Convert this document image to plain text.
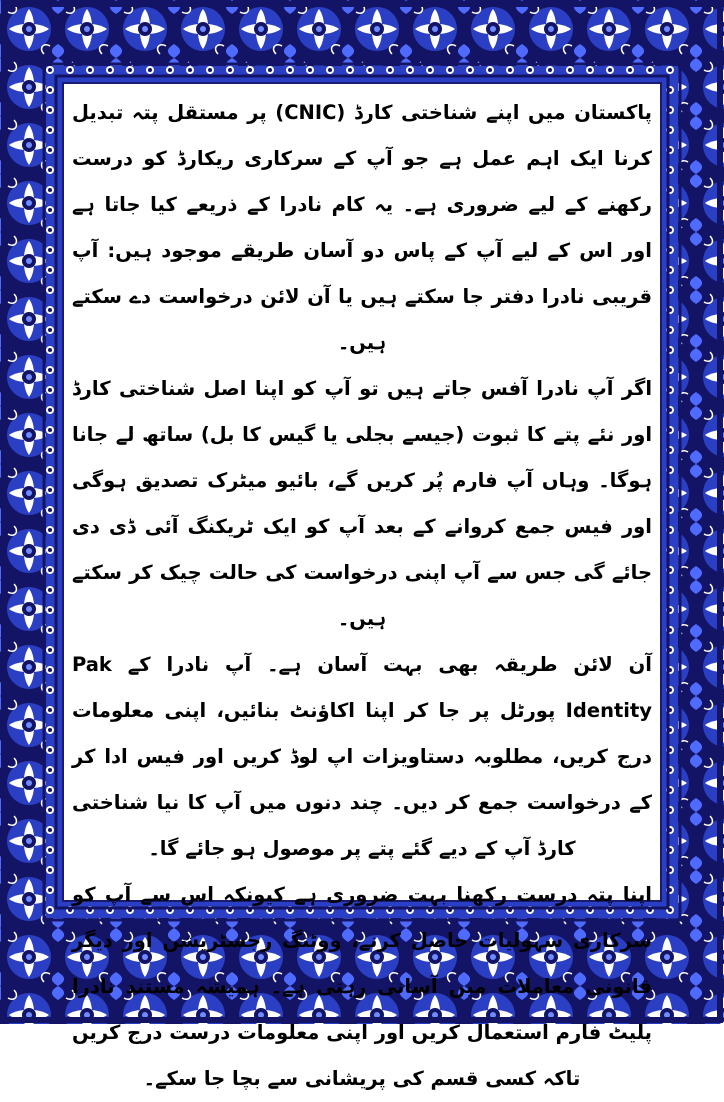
پاکستان میں اپنے شناختی کارڈ (CNIC) پر مستقل پتہ تبدیل کرنا ایک اہم عمل ہے جو آپ کے سرکاری ریکارڈ کو درست رکھنے کے لیے ضروری ہے۔ یہ کام نادرا کے ذریعے کیا جاتا ہے اور اس کے لیے آپ کے پاس دو آسان طریقے موجود ہیں: آپ قریبی نادرا دفتر جا سکتے ہیں یا آن لائن درخواست دے سکتے ہیں۔

اگر آپ نادرا آفس جاتے ہیں تو آپ کو اپنا اصل شناختی کارڈ اور نئے پتے کا ثبوت (جیسے بجلی یا گیس کا بل) ساتھ لے جانا ہوگا۔ وہاں آپ فارم پُر کریں گے، بائیو میٹرک تصدیق ہوگی اور فیس جمع کروانے کے بعد آپ کو ایک ٹریکنگ آئی ڈی دی جائے گی جس سے آپ اپنی درخواست کی حالت چیک کر سکتے ہیں۔

آن لائن طریقہ بھی بہت آسان ہے۔ آپ نادرا کے Pak Identity پورٹل پر جا کر اپنا اکاؤنٹ بنائیں، اپنی معلومات درج کریں، مطلوبہ دستاویزات اپ لوڈ کریں اور فیس ادا کر کے درخواست جمع کر دیں۔ چند دنوں میں آپ کا نیا شناختی کارڈ آپ کے دیے گئے پتے پر موصول ہو جائے گا۔

اپنا پتہ درست رکھنا بہت ضروری ہے کیونکہ اس سے آپ کو سرکاری سہولیات حاصل کرنے، ووٹنگ رجسٹریشن اور دیگر قانونی معاملات میں آسانی رہتی ہے۔ ہمیشہ مستند نادرا پلیٹ فارم استعمال کریں اور اپنی معلومات درست درج کریں تاکہ کسی قسم کی پریشانی سے بچا جا سکے۔
